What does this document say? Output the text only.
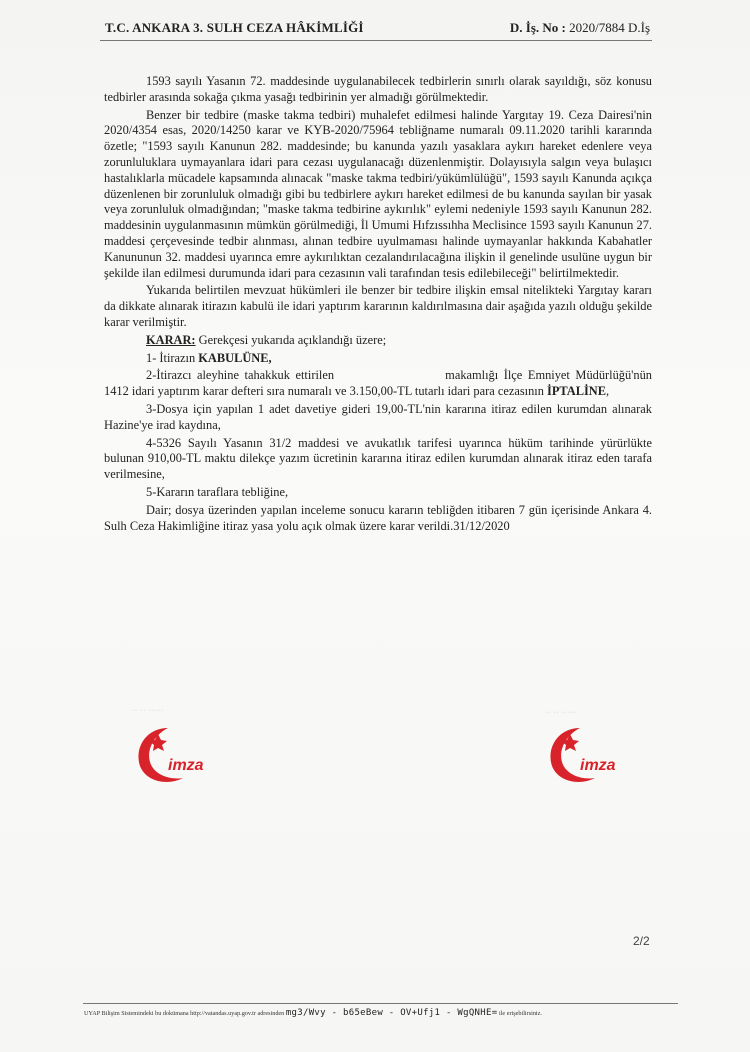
T.C. ANKARA 3. SULH CEZA HÂKİMLİĞİ	D. İş. No : 2020/7884 D.İş

1593 sayılı Yasanın 72. maddesinde uygulanabilecek tedbirlerin sınırlı olarak sayıldığı, söz konusu tedbirler arasında sokağa çıkma yasağı tedbirinin yer almadığı görülmektedir.

Benzer bir tedbire (maske takma tedbiri) muhalefet edilmesi halinde Yargıtay 19. Ceza Dairesi'nin 2020/4354 esas, 2020/14250 karar ve KYB-2020/75964 tebliğname numaralı 09.11.2020 tarihli kararında özetle; "1593 sayılı Kanunun 282. maddesinde; bu kanunda yazılı yasaklara aykırı hareket edenlere veya zorunluluklara uymayanlara idari para cezası uygulanacağı düzenlenmiştir. Dolayısıyla salgın veya bulaşıcı hastalıklarla mücadele kapsamında alınacak "maske takma tedbiri/yükümlülüğü", 1593 sayılı Kanunda açıkça düzenlenen bir zorunluluk olmadığı gibi bu tedbirlere aykırı hareket edilmesi de bu kanunda sayılan bir yasak veya zorunluluk olmadığından; "maske takma tedbirine aykırılık" eylemi nedeniyle 1593 sayılı Kanunun 282. maddesinin uygulanmasının mümkün görülmediği, İl Umumi Hıfzıssıhha Meclisince 1593 sayılı Kanunun 27. maddesi çerçevesinde tedbir alınması, alınan tedbire uyulmaması halinde uymayanlar hakkında Kabahatler Kanununun 32. maddesi uyarınca emre aykırılıktan cezalandırılacağına ilişkin il genelinde usulüne uygun bir şekilde ilan edilmesi durumunda idari para cezasının vali tarafından tesis edilebileceği" belirtilmektedir.

Yukarıda belirtilen mevzuat hükümleri ile benzer bir tedbire ilişkin emsal nitelikteki Yargıtay kararı da dikkate alınarak itirazın kabulü ile idari yaptırım kararının kaldırılmasına dair aşağıda yazılı olduğu şekilde karar verilmiştir.

KARAR: Gerekçesi yukarıda açıklandığı üzere;

1- İtirazın KABULÜNE,

2-İtirazcı aleyhine tahakkuk ettirilen	makamlığı İlçe Emniyet Müdürlüğü'nün 1412 idari yaptırım karar defteri sıra numaralı ve 3.150,00-TL tutarlı idari para cezasının İPTALİNE,

3-Dosya için yapılan 1 adet davetiye gideri 19,00-TL'nin kararına itiraz edilen kurumdan alınarak Hazine'ye irad kaydına,

4-5326 Sayılı Yasanın 31/2 maddesi ve avukatlık tarifesi uyarınca hüküm tarihinde yürürlükte bulunan 910,00-TL maktu dilekçe yazım ücretinin kararına itiraz edilen kurumdan alınarak itiraz eden tarafa verilmesine,

5-Kararın taraflara tebliğine,

Dair; dosya üzerinden yapılan inceleme sonucu kararın tebliğden itibaren 7 gün içerisinde Ankara 4. Sulh Ceza Hakimliğine itiraz yasa yolu açık olmak üzere karar verildi.31/12/2020

·· ·· ·····	·· ·· ·····
imza	imza
2/2
UYAP Bilişim Sistemindeki bu dokümana http://vatandas.uyap.gov.tr adresinden mg3/Wvy - b65eBew - OV+Ufj1 - WgQNHE= ile erişebilirsiniz.
